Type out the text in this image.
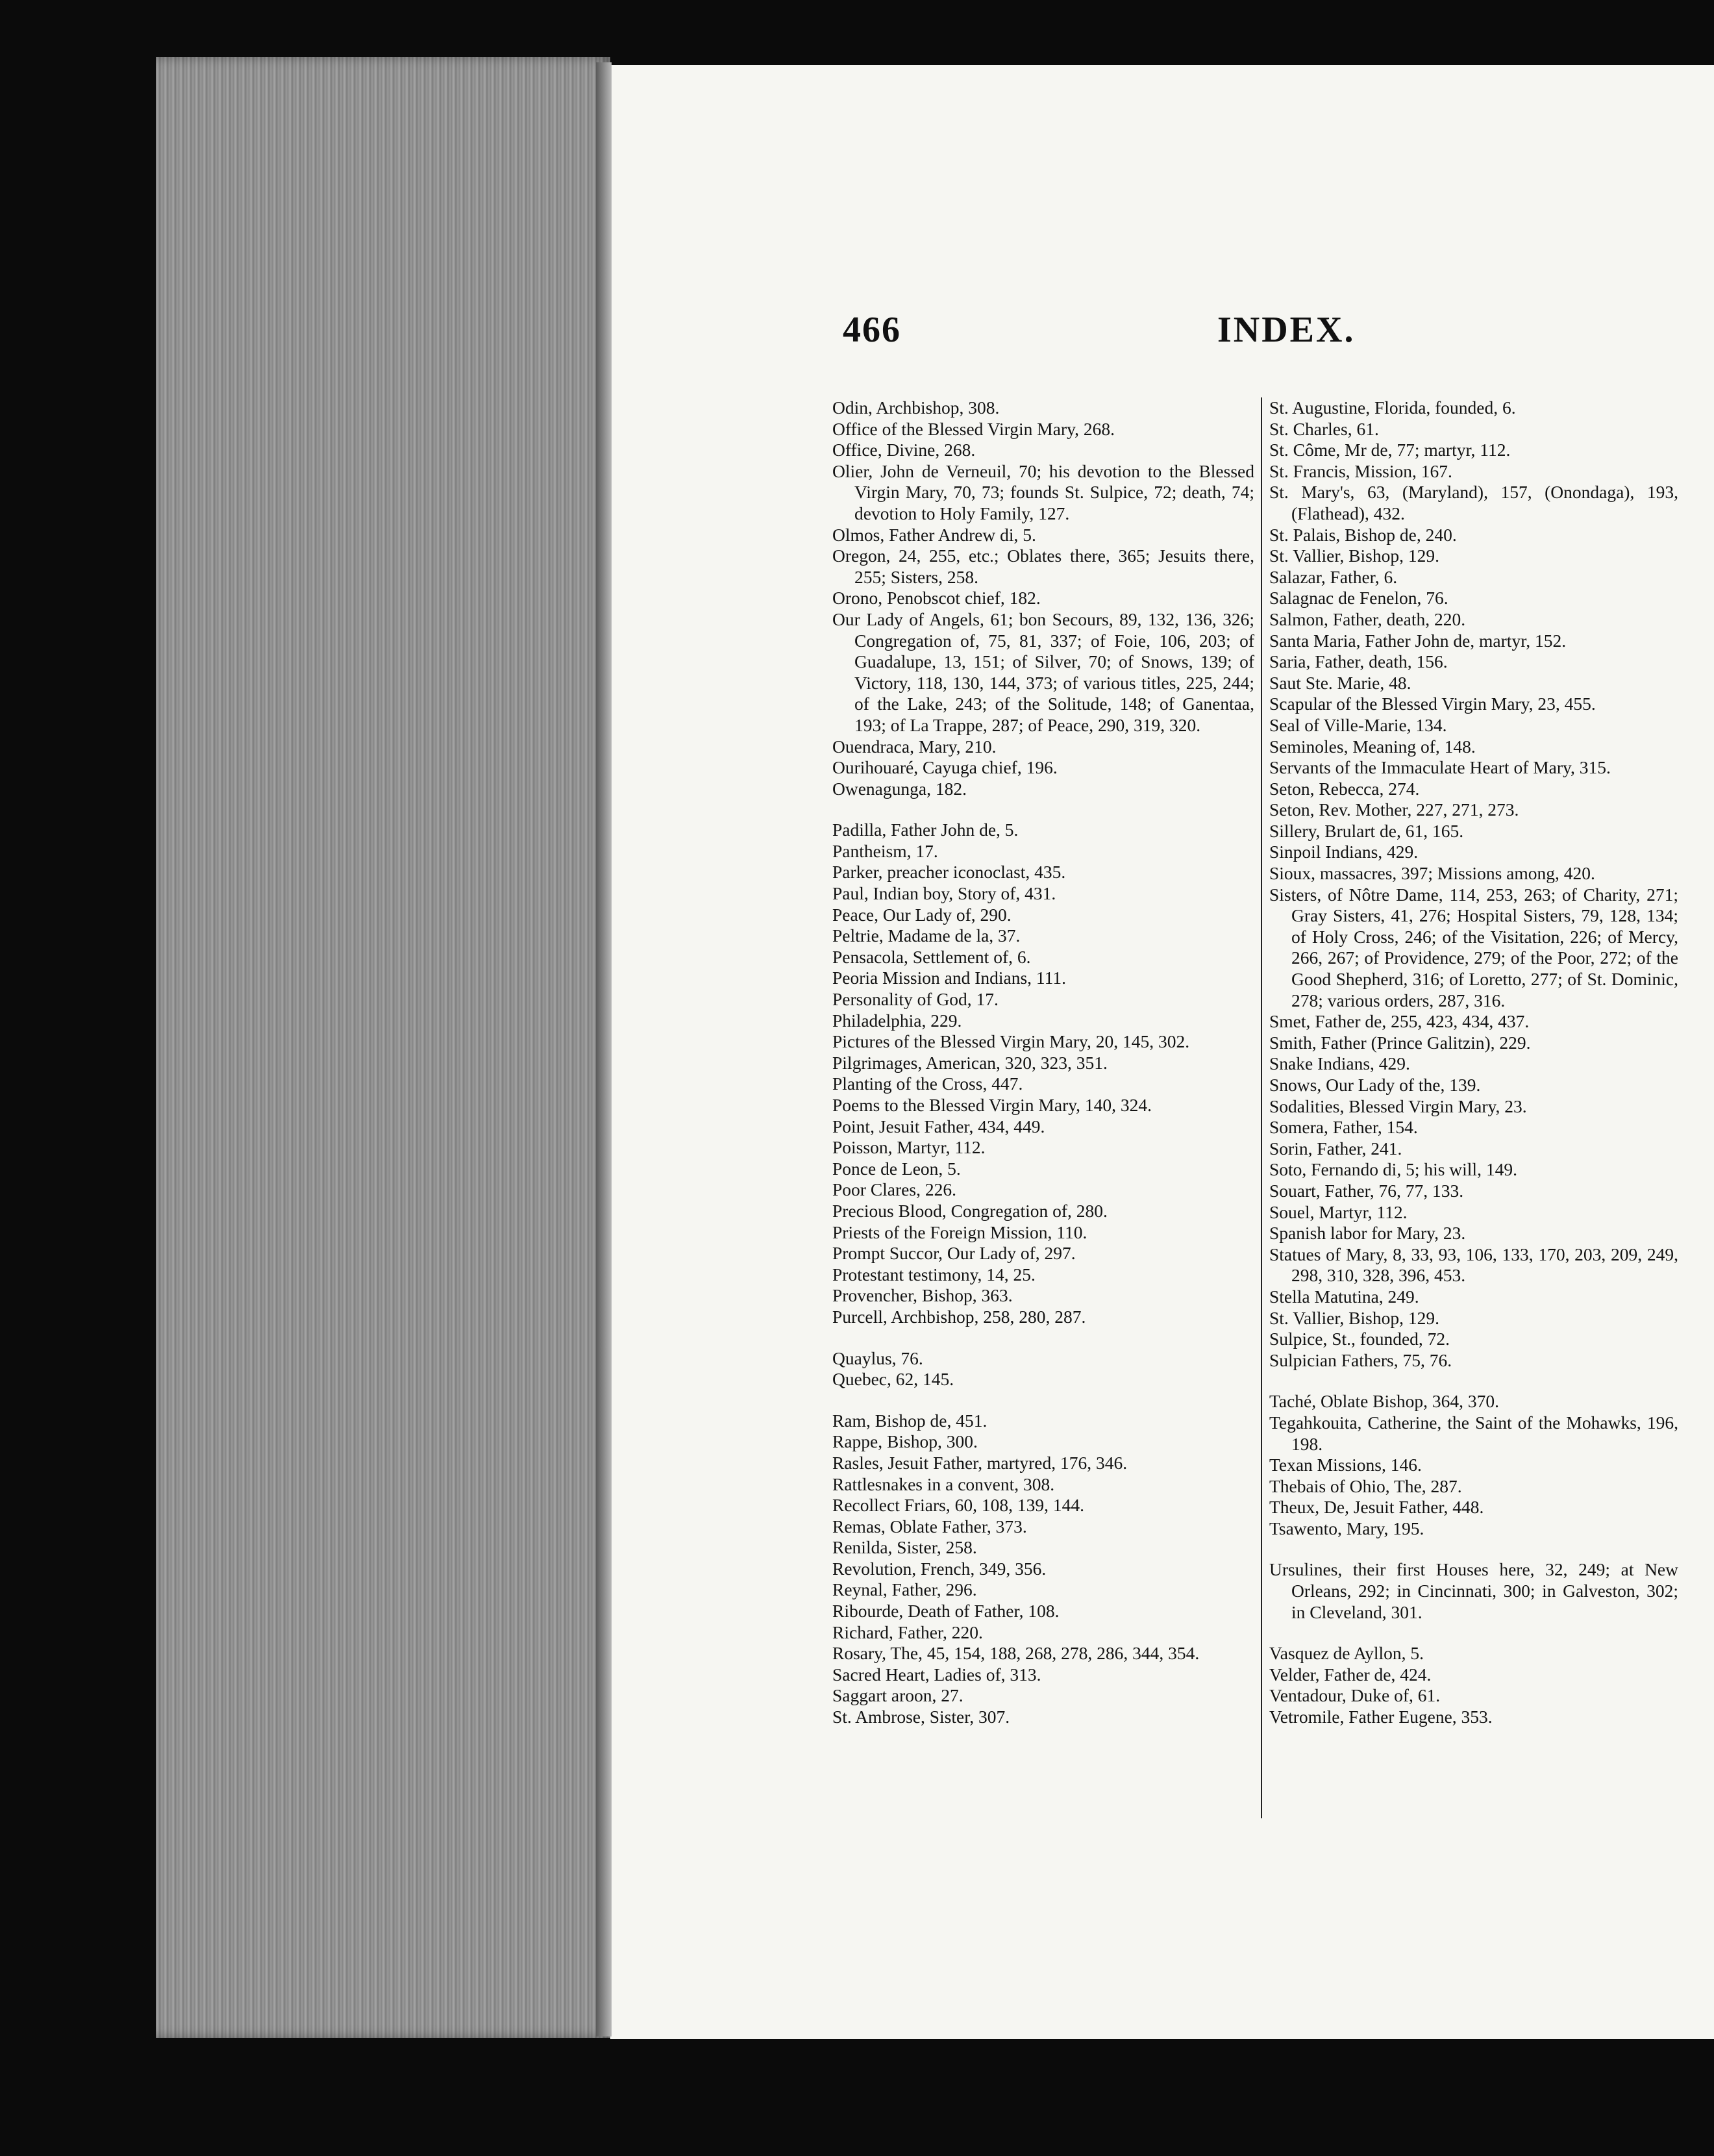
466	INDEX.

Odin, Archbishop, 308.

Office of the Blessed Virgin Mary, 268.

Office, Divine, 268.

Olier, John de Verneuil, 70; his devotion to the Blessed Virgin Mary, 70, 73; founds St. Sulpice, 72; death, 74; devotion to Holy Family, 127.

Olmos, Father Andrew di, 5.

Oregon, 24, 255, etc.; Oblates there, 365; Jesuits there, 255; Sisters, 258.

Orono, Penobscot chief, 182.

Our Lady of Angels, 61; bon Secours, 89, 132, 136, 326; Congregation of, 75, 81, 337; of Foie, 106, 203; of Guadalupe, 13, 151; of Silver, 70; of Snows, 139; of Victory, 118, 130, 144, 373; of various titles, 225, 244; of the Lake, 243; of the Solitude, 148; of Ganentaa, 193; of La Trappe, 287; of Peace, 290, 319, 320.

Ouendraca, Mary, 210.

Ourihouaré, Cayuga chief, 196.

Owenagunga, 182.

Padilla, Father John de, 5.

Pantheism, 17.

Parker, preacher iconoclast, 435.

Paul, Indian boy, Story of, 431.

Peace, Our Lady of, 290.

Peltrie, Madame de la, 37.

Pensacola, Settlement of, 6.

Peoria Mission and Indians, 111.

Personality of God, 17.

Philadelphia, 229.

Pictures of the Blessed Virgin Mary, 20, 145, 302.

Pilgrimages, American, 320, 323, 351.

Planting of the Cross, 447.

Poems to the Blessed Virgin Mary, 140, 324.

Point, Jesuit Father, 434, 449.

Poisson, Martyr, 112.

Ponce de Leon, 5.

Poor Clares, 226.

Precious Blood, Congregation of, 280.

Priests of the Foreign Mission, 110.

Prompt Succor, Our Lady of, 297.

Protestant testimony, 14, 25.

Provencher, Bishop, 363.

Purcell, Archbishop, 258, 280, 287.

Quaylus, 76.

Quebec, 62, 145.

Ram, Bishop de, 451.

Rappe, Bishop, 300.

Rasles, Jesuit Father, martyred, 176, 346.

Rattlesnakes in a convent, 308.

Recollect Friars, 60, 108, 139, 144.

Remas, Oblate Father, 373.

Renilda, Sister, 258.

Revolution, French, 349, 356.

Reynal, Father, 296.

Ribourde, Death of Father, 108.

Richard, Father, 220.

Rosary, The, 45, 154, 188, 268, 278, 286, 344, 354.

Sacred Heart, Ladies of, 313.

Saggart aroon, 27.

St. Ambrose, Sister, 307.

St. Augustine, Florida, founded, 6.

St. Charles, 61.

St. Côme, Mr de, 77; martyr, 112.

St. Francis, Mission, 167.

St. Mary's, 63, (Maryland), 157, (Onondaga), 193, (Flathead), 432.

St. Palais, Bishop de, 240.

St. Vallier, Bishop, 129.

Salazar, Father, 6.

Salagnac de Fenelon, 76.

Salmon, Father, death, 220.

Santa Maria, Father John de, martyr, 152.

Saria, Father, death, 156.

Saut Ste. Marie, 48.

Scapular of the Blessed Virgin Mary, 23, 455.

Seal of Ville-Marie, 134.

Seminoles, Meaning of, 148.

Servants of the Immaculate Heart of Mary, 315.

Seton, Rebecca, 274.

Seton, Rev. Mother, 227, 271, 273.

Sillery, Brulart de, 61, 165.

Sinpoil Indians, 429.

Sioux, massacres, 397; Missions among, 420.

Sisters, of Nôtre Dame, 114, 253, 263; of Charity, 271; Gray Sisters, 41, 276; Hospital Sisters, 79, 128, 134; of Holy Cross, 246; of the Visitation, 226; of Mercy, 266, 267; of Providence, 279; of the Poor, 272; of the Good Shepherd, 316; of Loretto, 277; of St. Dominic, 278; various orders, 287, 316.

Smet, Father de, 255, 423, 434, 437.

Smith, Father (Prince Galitzin), 229.

Snake Indians, 429.

Snows, Our Lady of the, 139.

Sodalities, Blessed Virgin Mary, 23.

Somera, Father, 154.

Sorin, Father, 241.

Soto, Fernando di, 5; his will, 149.

Souart, Father, 76, 77, 133.

Souel, Martyr, 112.

Spanish labor for Mary, 23.

Statues of Mary, 8, 33, 93, 106, 133, 170, 203, 209, 249, 298, 310, 328, 396, 453.

Stella Matutina, 249.

St. Vallier, Bishop, 129.

Sulpice, St., founded, 72.

Sulpician Fathers, 75, 76.

Taché, Oblate Bishop, 364, 370.

Tegahkouita, Catherine, the Saint of the Mohawks, 196, 198.

Texan Missions, 146.

Thebais of Ohio, The, 287.

Theux, De, Jesuit Father, 448.

Tsawento, Mary, 195.

Ursulines, their first Houses here, 32, 249; at New Orleans, 292; in Cincinnati, 300; in Galveston, 302; in Cleveland, 301.

Vasquez de Ayllon, 5.

Velder, Father de, 424.

Ventadour, Duke of, 61.

Vetromile, Father Eugene, 353.
